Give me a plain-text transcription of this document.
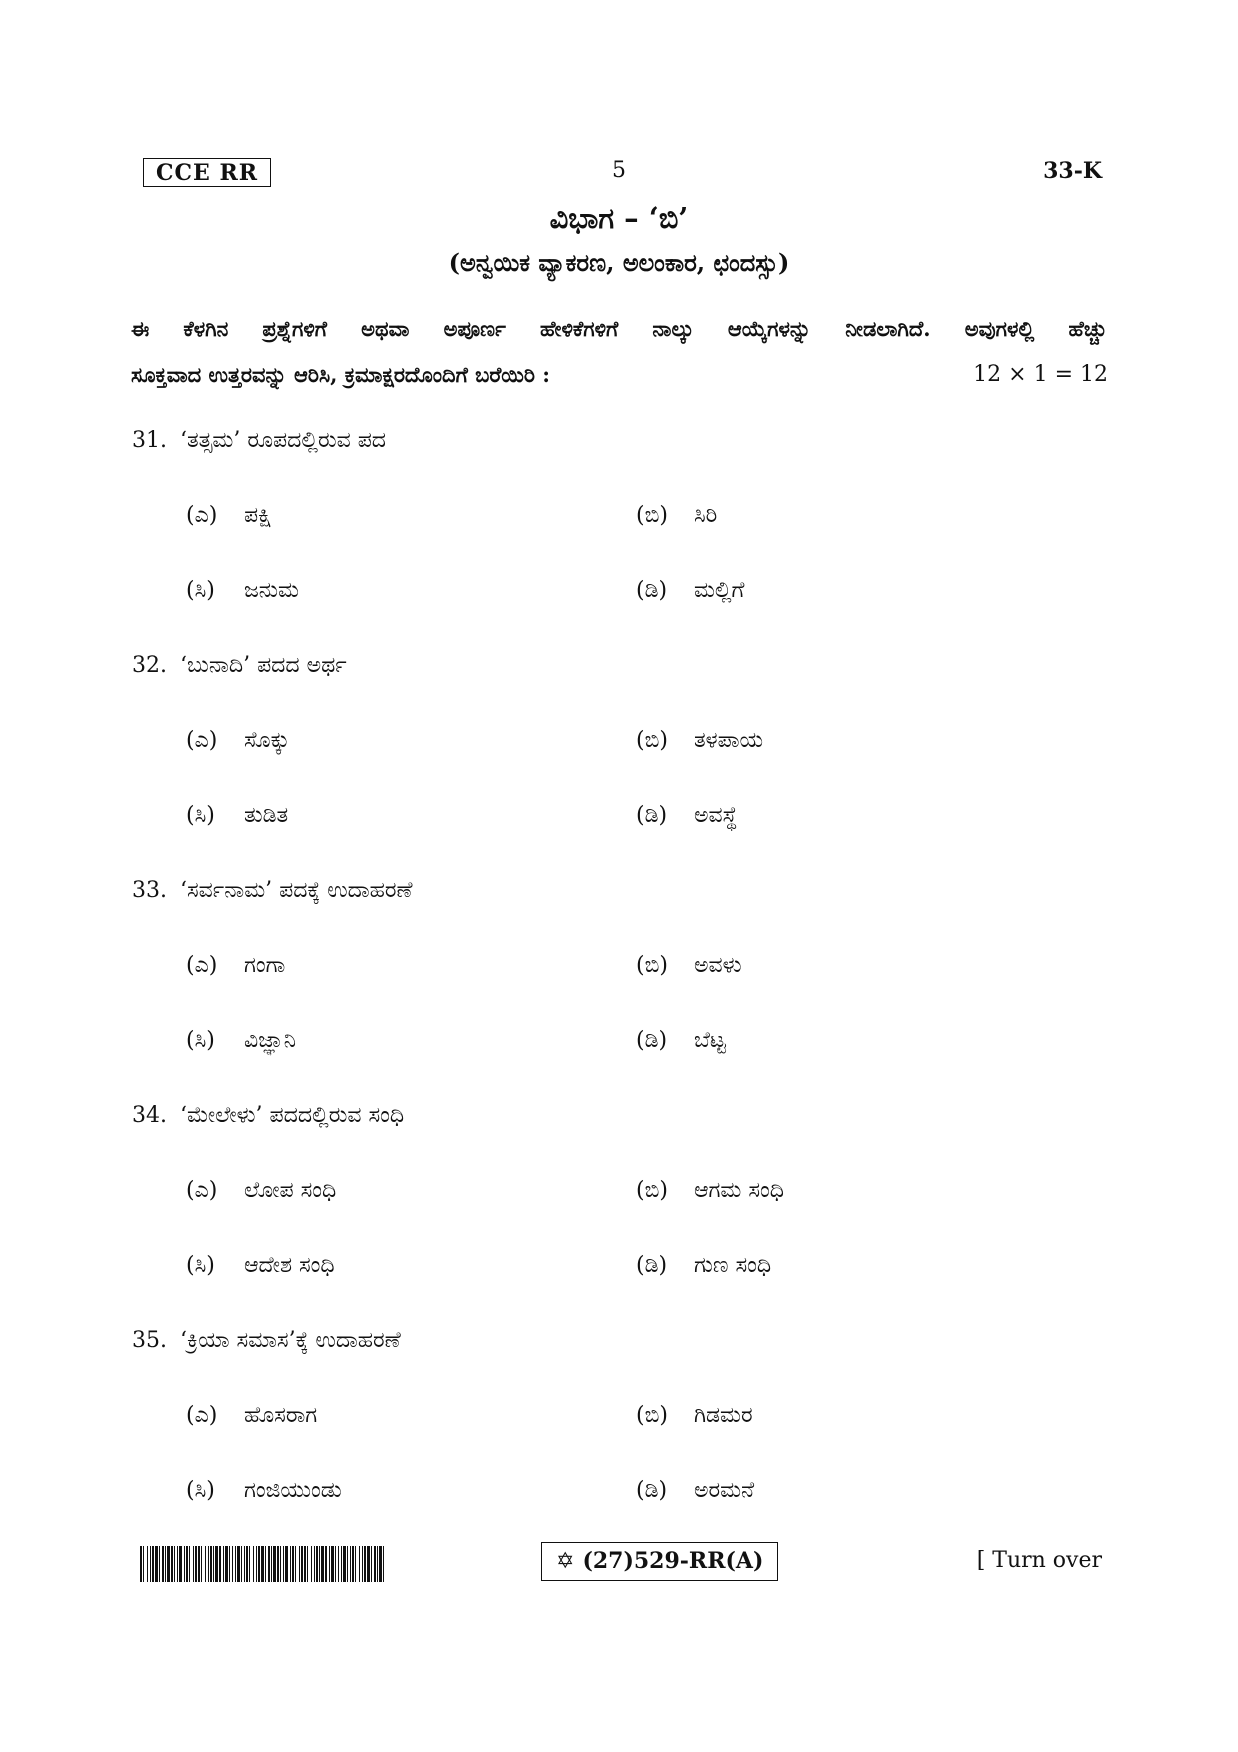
CCE RR	5	33-K
ವಿಭಾಗ – ‘ಬಿ’
(ಅನ್ವಯಿಕ ವ್ಯಾಕರಣ, ಅಲಂಕಾರ, ಛಂದಸ್ಸು)
ಈ ಕೆಳಗಿನ ಪ್ರಶ್ನೆಗಳಿಗೆ ಅಥವಾ ಅಪೂರ್ಣ ಹೇಳಿಕೆಗಳಿಗೆ ನಾಲ್ಕು ಆಯ್ಕೆಗಳನ್ನು ನೀಡಲಾಗಿದೆ. ಅವುಗಳಲ್ಲಿ ಹೆಚ್ಚು
ಸೂಕ್ತವಾದ ಉತ್ತರವನ್ನು ಆರಿಸಿ, ಕ್ರಮಾಕ್ಷರದೊಂದಿಗೆ ಬರೆಯಿರಿ :	12 × 1 = 12
31. ‘ತತ್ಸಮ’ ರೂಪದಲ್ಲಿರುವ ಪದ
(ಎ) ಪಕ್ಷಿ	(ಬಿ) ಸಿರಿ
(ಸಿ) ಜನುಮ	(ಡಿ) ಮಲ್ಲಿಗೆ
32. ‘ಬುನಾದಿ’ ಪದದ ಅರ್ಥ
(ಎ) ಸೊಕ್ಕು	(ಬಿ) ತಳಪಾಯ
(ಸಿ) ತುಡಿತ	(ಡಿ) ಅವಸ್ಥೆ
33. ‘ಸರ್ವನಾಮ’ ಪದಕ್ಕೆ ಉದಾಹರಣೆ
(ಎ) ಗಂಗಾ	(ಬಿ) ಅವಳು
(ಸಿ) ವಿಜ್ಞಾನಿ	(ಡಿ) ಬೆಟ್ಟ
34. ‘ಮೇಲೇಳು’ ಪದದಲ್ಲಿರುವ ಸಂಧಿ
(ಎ) ಲೋಪ ಸಂಧಿ	(ಬಿ) ಆಗಮ ಸಂಧಿ
(ಸಿ) ಆದೇಶ ಸಂಧಿ	(ಡಿ) ಗುಣ ಸಂಧಿ
35. ‘ಕ್ರಿಯಾ ಸಮಾಸ’ಕ್ಕೆ ಉದಾಹರಣೆ
(ಎ) ಹೊಸರಾಗ	(ಬಿ) ಗಿಡಮರ
(ಸಿ) ಗಂಜಿಯುಂಡು	(ಡಿ) ಅರಮನೆ
✡ (27)529-RR(A)	[ Turn over
